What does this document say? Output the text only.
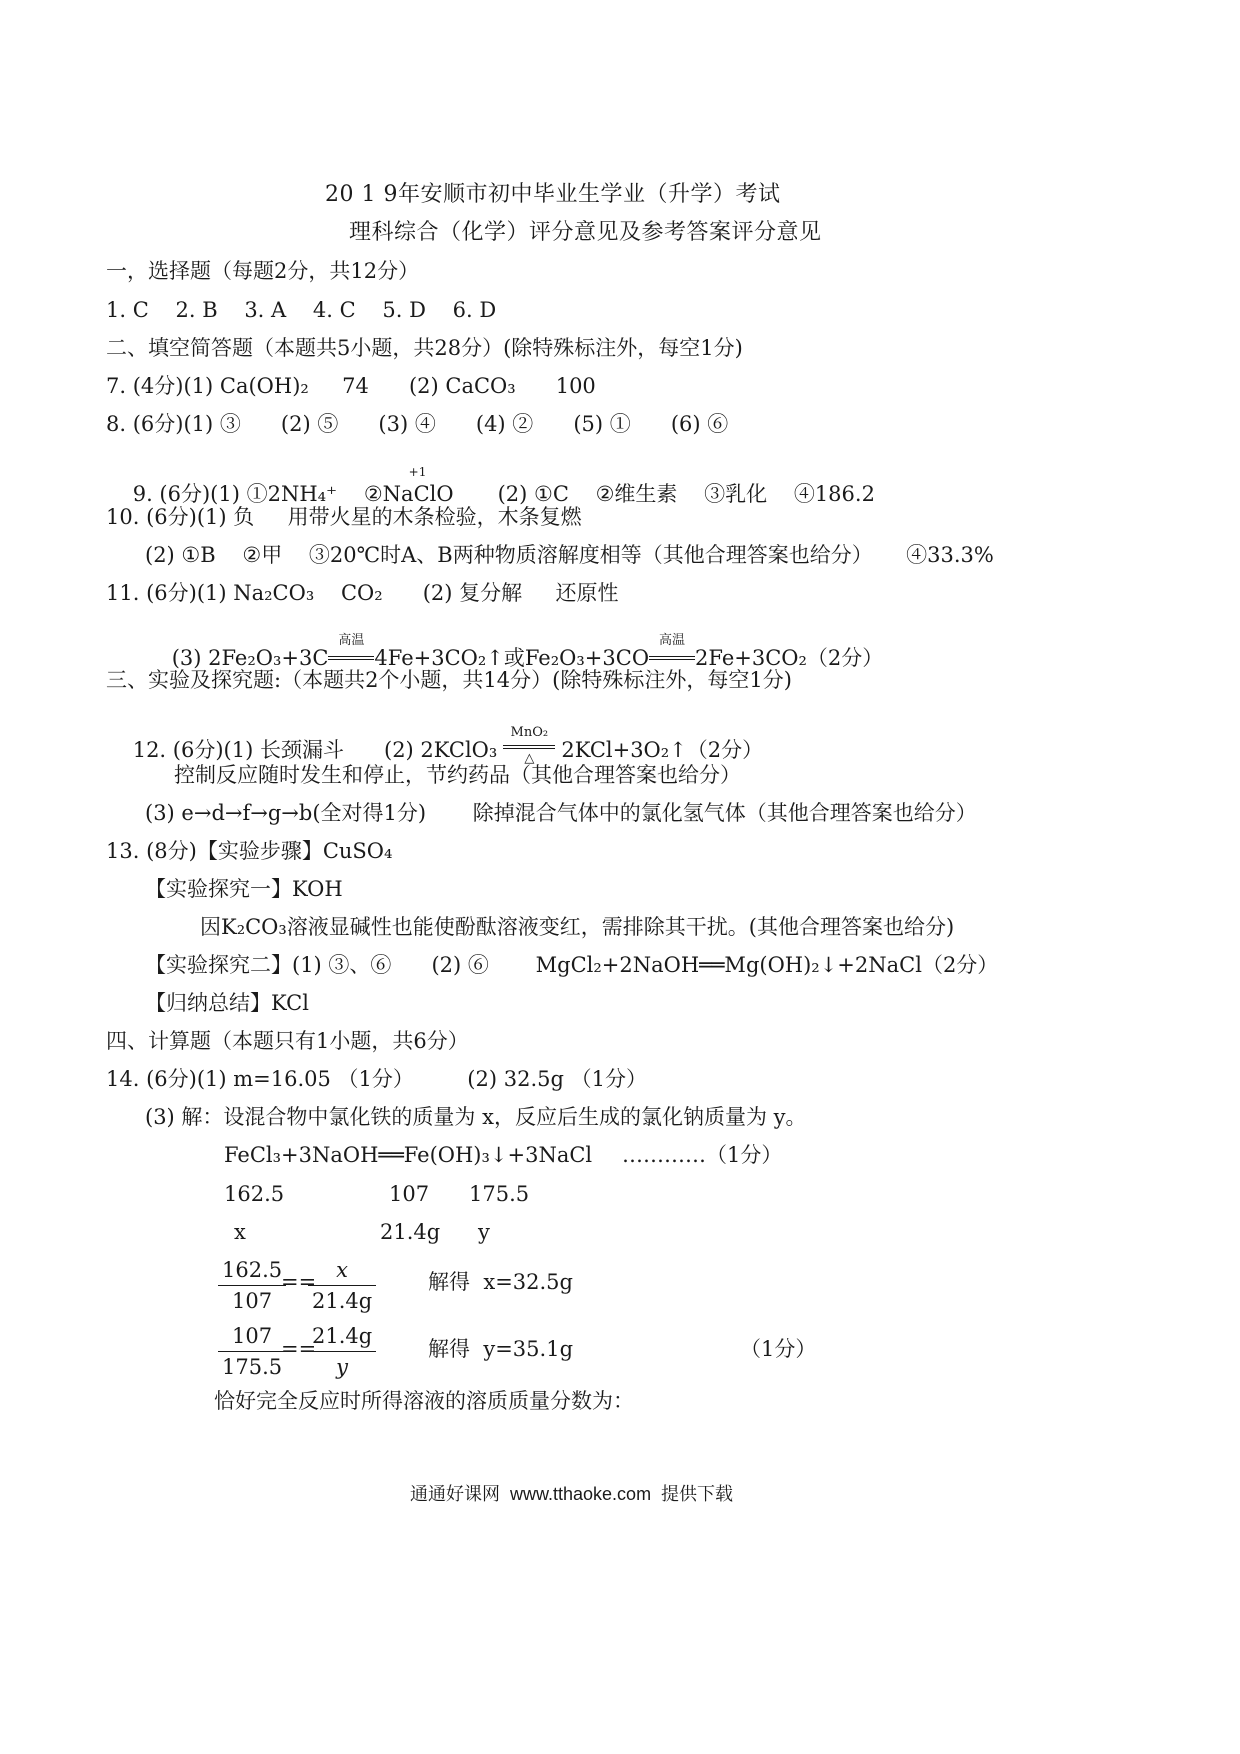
20 1 9年安顺市初中毕业生学业（升学）考试
理科综合（化学）评分意见及参考答案评分意见
一，选择题（每题2分，共12分）
1. C    2. B    3. A    4. C    5. D    6. D
二、填空简答题（本题共5小题，共28分）(除特殊标注外，每空1分)
7. (4分)(1) Ca(OH)₂     74      (2) CaCO₃      100
8. (6分)(1) ③      (2) ⑤      (3) ④      (4) ②      (5) ①      (6) ⑥

9. (6分)(1) ①2NH₄⁺    ②
+1
NaClO (2) ①C    ②维生素    ③乳化    ④186.2

10. (6分)(1) 负     用带火星的木条检验，木条复燃
(2) ①B    ②甲    ③20℃时A、B两种物质溶解度相等（其他合理答案也给分）     ④33.3%
11. (6分)(1) Na₂CO₃    CO₂      (2) 复分解     还原性

(3) 2Fe₂O₃+3C
高温
4Fe+3CO₂↑或Fe₂O₃+3CO
高温
2Fe+3CO₂（2分）

三、实验及探究题:（本题共2个小题，共14分）(除特殊标注外，每空1分)

12. (6分)(1) 长颈漏斗      (2) 2KClO₃
MnO₂
△	2KCl+3O₂↑（2分）

控制反应随时发生和停止，节约药品（其他合理答案也给分）
(3) e→d→f→g→b(全对得1分)       除掉混合气体中的氯化氢气体（其他合理答案也给分）
13. (8分)【实验步骤】CuSO₄
【实验探究一】KOH
因K₂CO₃溶液显碱性也能使酚酞溶液变红，需排除其干扰。(其他合理答案也给分)
【实验探究二】(1) ③、⑥      (2) ⑥       MgCl₂+2NaOH══Mg(OH)₂↓+2NaCl（2分）
【归纳总结】KCl
四、计算题（本题只有1小题，共6分）
14. (6分)(1) m=16.05 （1分）        (2) 32.5g （1分）
(3) 解：设混合物中氯化铁的质量为 x，反应后生成的氯化钠质量为 y。
FeCl₃+3NaOH══Fe(OH)₃↓+3NaCl …………（1分）
162.5	107 175.5
x	21.4g y
$\frac{162.5}{107}$
==
$\frac{x}{21.4g}$ 解得  x=32.5g
$\frac{107}{175.5}$
==
$\frac{21.4g}{y}$ 解得  y=35.1g	（1分）
恰好完全反应时所得溶液的溶质质量分数为：
通通好课网  www.tthaoke.com  提供下载
